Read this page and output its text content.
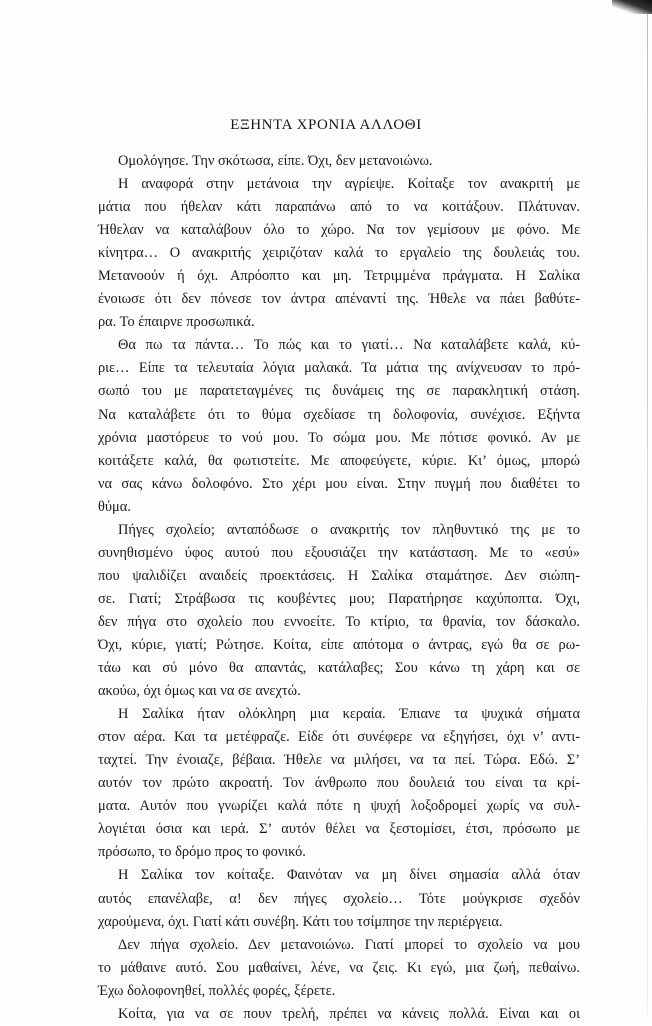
ΕΞΗΝΤΑ ΧΡΟΝΙΑ ΑΛΛΟΘΙ
Ομολόγησε. Την σκότωσα, είπε. Όχι, δεν μετανοιώνω.
Η αναφορά στην μετάνοια την αγρίεψε. Κοίταξε τον ανακριτή με
μάτια που ήθελαν κάτι παραπάνω από το να κοιτάξουν. Πλάτυναν.
Ήθελαν να καταλάβουν όλο το χώρο. Να τον γεμίσουν με φόνο. Με
κίνητρα… Ο ανακριτής χειριζόταν καλά το εργαλείο της δουλειάς του.
Μετανοούν ή όχι. Απρόοπτο και μη. Τετριμμένα πράγματα. Η Σαλίκα
ένοιωσε ότι δεν πόνεσε τον άντρα απέναντί της. Ήθελε να πάει βαθύτε-
ρα. Το έπαιρνε προσωπικά.
Θα πω τα πάντα… Το πώς και το γιατί… Να καταλάβετε καλά, κύ-
ριε… Είπε τα τελευταία λόγια μαλακά. Τα μάτια της ανίχνευσαν το πρό-
σωπό του με παρατεταγμένες τις δυνάμεις της σε παρακλητική στάση.
Να καταλάβετε ότι το θύμα σχεδίασε τη δολοφονία, συνέχισε. Εξήντα
χρόνια μαστόρευε το νού μου. Το σώμα μου. Με πότισε φονικό. Αν με
κοιτάξετε καλά, θα φωτιστείτε. Με αποφεύγετε, κύριε. Κι’ όμως, μπορώ
να σας κάνω δολοφόνο. Στο χέρι μου είναι. Στην πυγμή που διαθέτει το
θύμα.
Πήγες σχολείο; ανταπόδωσε ο ανακριτής τον πληθυντικό της με το
συνηθισμένο ύφος αυτού που εξουσιάζει την κατάσταση. Με το «εσύ»
που ψαλιδίζει αναιδείς προεκτάσεις. Η Σαλίκα σταμάτησε. Δεν σιώπη-
σε. Γιατί; Στράβωσα τις κουβέντες μου; Παρατήρησε καχύποπτα. Όχι,
δεν πήγα στο σχολείο που εννοείτε. Το κτίριο, τα θρανία, τον δάσκαλο.
Όχι, κύριε, γιατί; Ρώτησε. Κοίτα, είπε απότομα ο άντρας, εγώ θα σε ρω-
τάω και σύ μόνο θα απαντάς, κατάλαβες; Σου κάνω τη χάρη και σε
ακούω, όχι όμως και να σε ανεχτώ.
Η Σαλίκα ήταν ολόκληρη μια κεραία. Έπιανε τα ψυχικά σήματα
στον αέρα. Και τα μετέφραζε. Είδε ότι συνέφερε να εξηγήσει, όχι ν’ αντι-
ταχτεί. Την ένοιαζε, βέβαια. Ήθελε να μιλήσει, να τα πεί. Τώρα. Εδώ. Σ’
αυτόν τον πρώτο ακροατή. Τον άνθρωπο που δουλειά του είναι τα κρί-
ματα. Αυτόν που γνωρίζει καλά πότε η ψυχή λοξοδρομεί χωρίς να συλ-
λογιέται όσια και ιερά. Σ’ αυτόν θέλει να ξεστομίσει, έτσι, πρόσωπο με
πρόσωπο, το δρόμο προς το φονικό.
Η Σαλίκα τον κοίταξε. Φαινόταν να μη δίνει σημασία αλλά όταν
αυτός επανέλαβε, α! δεν πήγες σχολείο… Τότε μούγκρισε σχεδόν
χαρούμενα, όχι. Γιατί κάτι συνέβη. Κάτι του τσίμπησε την περιέργεια.
Δεν πήγα σχολείο. Δεν μετανοιώνω. Γιατί μπορεί το σχολείο να μου
το μάθαινε αυτό. Σου μαθαίνει, λένε, να ζεις. Κι εγώ, μια ζωή, πεθαίνω.
Έχω δολοφονηθεί, πολλές φορές, ξέρετε.
Κοίτα, για να σε πουν τρελή, πρέπει να κάνεις πολλά. Είναι και οι
